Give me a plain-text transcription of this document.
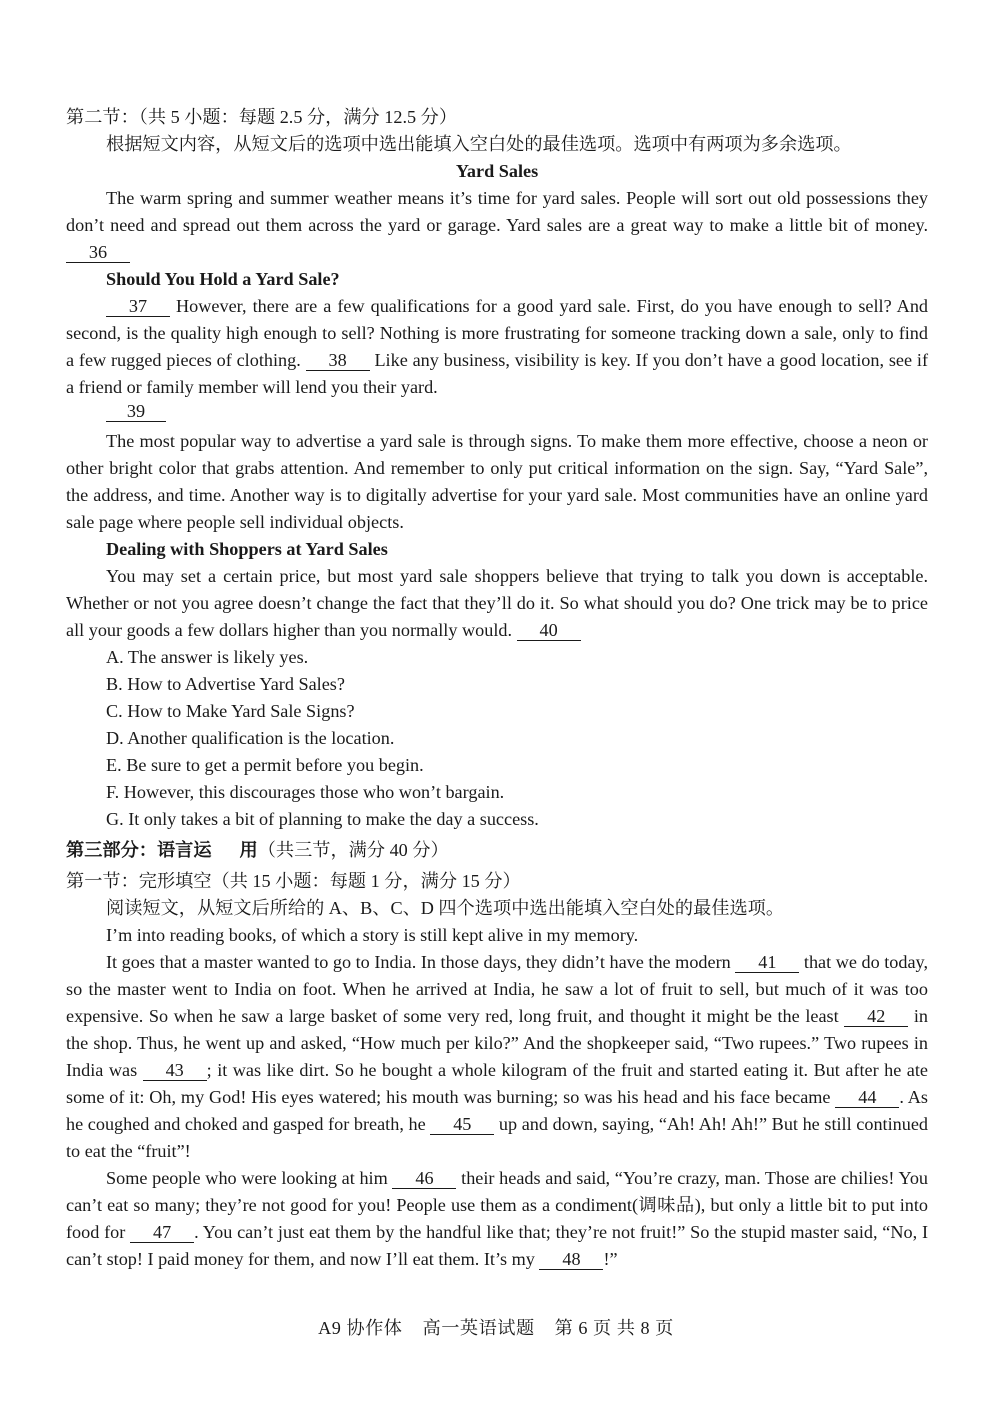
第二节：（共 5 小题：每题 2.5 分，满分 12.5 分）

根据短文内容，从短文后的选项中选出能填入空白处的最佳选项。选项中有两项为多余选项。

Yard Sales

The warm spring and summer weather means it’s time for yard sales. People will sort out old possessions they don’t need and spread out them across the yard or garage. Yard sales are a great way to make a little bit of money. 36

Should You Hold a Yard Sale?

37 However, there are a few qualifications for a good yard sale. First, do you have enough to sell? And second, is the quality high enough to sell? Nothing is more frustrating for someone tracking down a sale, only to find a few rugged pieces of clothing. 38 Like any business, visibility is key. If you don’t have a good location, see if a friend or family member will lend you their yard.

39

The most popular way to advertise a yard sale is through signs. To make them more effective, choose a neon or other bright color that grabs attention. And remember to only put critical information on the sign. Say, “Yard Sale”, the address, and time. Another way is to digitally advertise for your yard sale. Most communities have an online yard sale page where people sell individual objects.

Dealing with Shoppers at Yard Sales

You may set a certain price, but most yard sale shoppers believe that trying to talk you down is acceptable. Whether or not you agree doesn’t change the fact that they’ll do it. So what should you do? One trick may be to price all your goods a few dollars higher than you normally would. 40

A. The answer is likely yes.

B. How to Advertise Yard Sales?

C. How to Make Yard Sale Signs?

D. Another qualification is the location.

E. Be sure to get a permit before you begin.

F. However, this discourages those who won’t bargain.

G. It only takes a bit of planning to make the day a success.

第三部分：语言运 用（共三节，满分 40 分）

第一节：完形填空（共 15 小题：每题 1 分，满分 15 分）

阅读短文，从短文后所给的 A、B、C、D 四个选项中选出能填入空白处的最佳选项。

I’m into reading books, of which a story is still kept alive in my memory.

It goes that a master wanted to go to India. In those days, they didn’t have the modern 41 that we do today, so the master went to India on foot. When he arrived at India, he saw a lot of fruit to sell, but much of it was too expensive. So when he saw a large basket of some very red, long fruit, and thought it might be the least 42 in the shop. Thus, he went up and asked, “How much per kilo?” And the shopkeeper said, “Two rupees.” Two rupees in India was 43 ; it was like dirt. So he bought a whole kilogram of the fruit and started eating it. But after he ate some of it: Oh, my God! His eyes watered; his mouth was burning; so was his head and his face became 44 . As he coughed and choked and gasped for breath, he 45 up and down, saying, “Ah! Ah! Ah!” But he still continued to eat the “fruit”!

Some people who were looking at him 46 their heads and said, “You’re crazy, man. Those are chilies! You can’t eat so many; they’re not good for you! People use them as a condiment(调味品), but only a little bit to put into food for 47 . You can’t just eat them by the handful like that; they’re not fruit!” So the stupid master said, “No, I can’t stop! I paid money for them, and now I’ll eat them. It’s my 48 !”

A9 协作体 高一英语试题 第 6 页 共 8 页
